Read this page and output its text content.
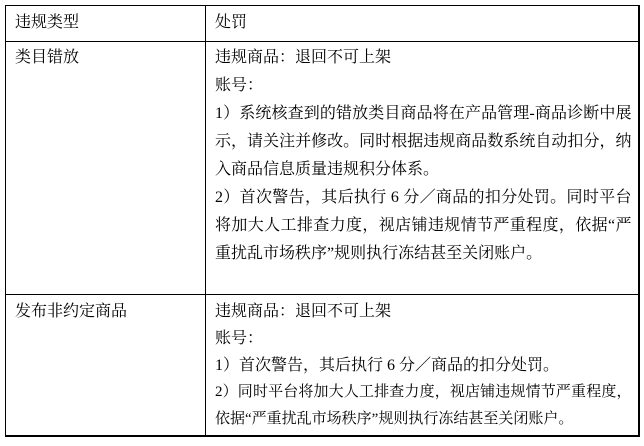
违规类型	处罚
类目错放	违规商品：退回不可上架

账号：

1）系统核查到的错放类目商品将在产品管理-商品诊断中展示，请关注并修改。同时根据违规商品数系统自动扣分，纳入商品信息质量违规积分体系。

2）首次警告，其后执行 6 分／商品的扣分处罚。同时平台将加大人工排查力度，视店铺违规情节严重程度，依据“严重扰乱市场秩序”规则执行冻结甚至关闭账户。

发布非约定商品	违规商品：退回不可上架

账号：

1）首次警告，其后执行 6 分／商品的扣分处罚。

2）同时平台将加大人工排查力度，视店铺违规情节严重程度，依据“严重扰乱市场秩序”规则执行冻结甚至关闭账户。
